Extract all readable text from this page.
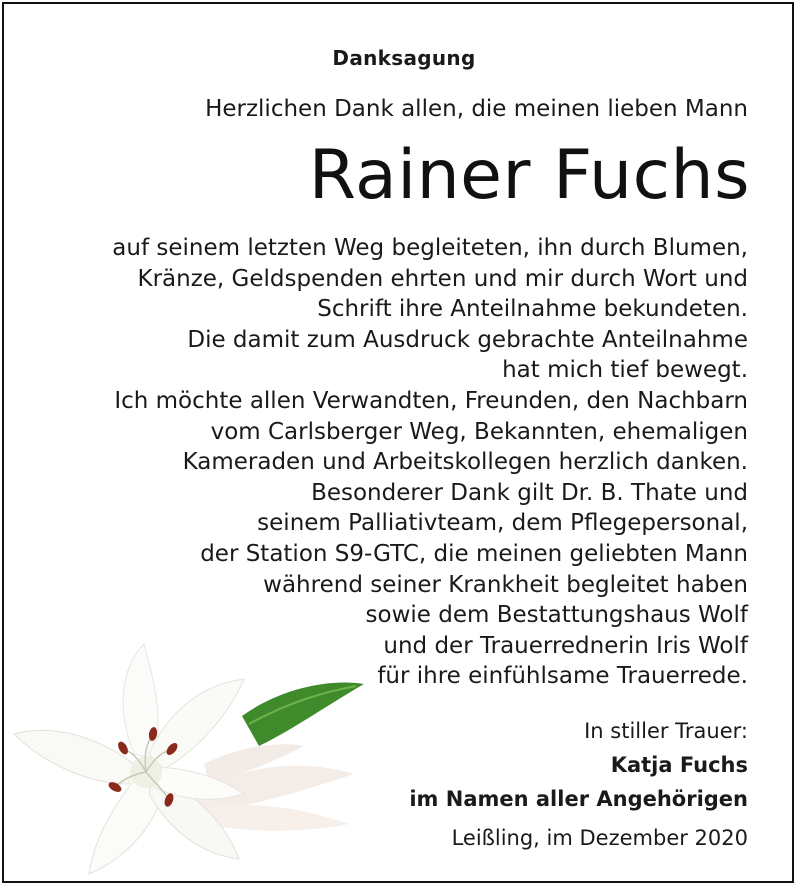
Danksagung
Herzlichen Dank allen, die meinen lieben Mann
Rainer Fuchs
auf seinem letzten Weg begleiteten, ihn durch Blumen,
Kränze, Geldspenden ehrten und mir durch Wort und
Schrift ihre Anteilnahme bekundeten.
Die damit zum Ausdruck gebrachte Anteilnahme
hat mich tief bewegt.
Ich möchte allen Verwandten, Freunden, den Nachbarn
vom Carlsberger Weg, Bekannten, ehemaligen
Kameraden und Arbeitskollegen herzlich danken.
Besonderer Dank gilt Dr. B. Thate und
seinem Palliativteam, dem Pflegepersonal,
der Station S9-GTC, die meinen geliebten Mann
während seiner Krankheit begleitet haben
sowie dem Bestattungshaus Wolf
und der Trauerrednerin Iris Wolf
für ihre einfühlsame Trauerrede.
In stiller Trauer:
Katja Fuchs
im Namen aller Angehörigen
Leißling, im Dezember 2020
